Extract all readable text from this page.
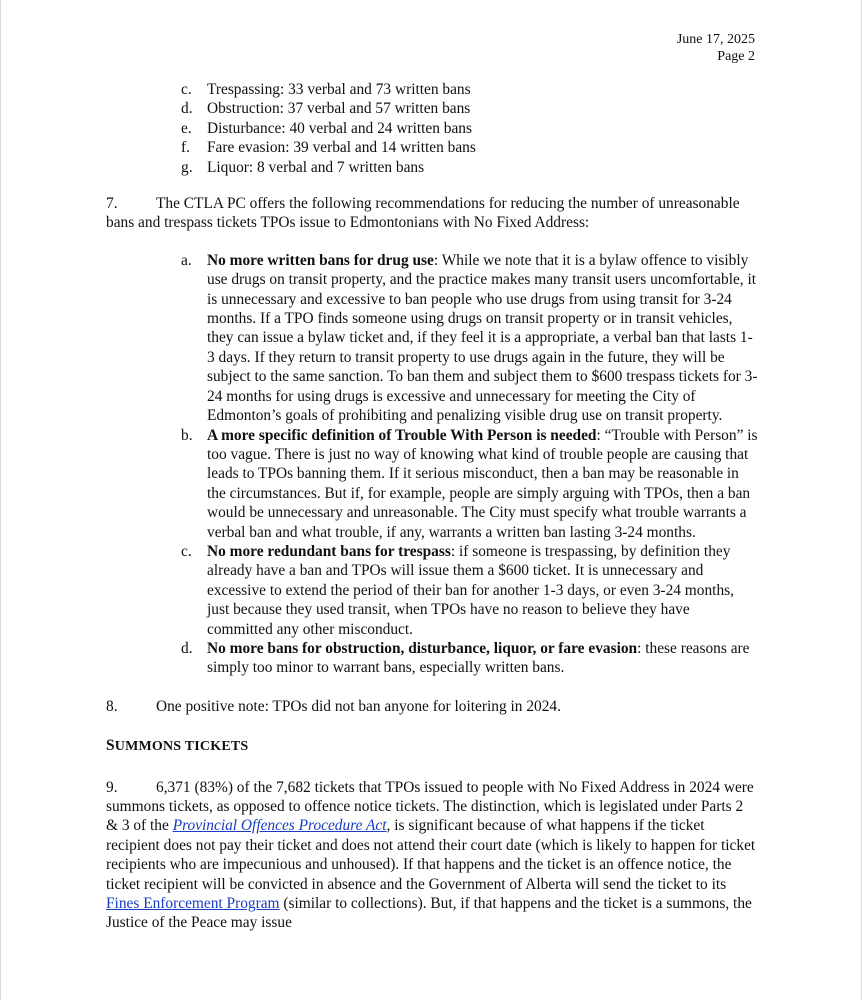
June 17, 2025
Page 2
c. Trespassing: 33 verbal and 73 written bans
d. Obstruction: 37 verbal and 57 written bans
e. Disturbance: 40 verbal and 24 written bans
f.	Fare evasion: 39 verbal and 14 written bans
g. Liquor: 8 verbal and 7 written bans
7. The CTLA PC offers the following recommendations for reducing the number of unreasonable bans and trespass tickets TPOs issue to Edmontonians with No Fixed Address:
a. No more written bans for drug use: While we note that it is a bylaw offence to visibly use drugs on transit property, and the practice makes many transit users uncomfortable, it is unnecessary and excessive to ban people who use drugs from using transit for 3-24 months. If a TPO finds someone using drugs on transit property or in transit vehicles, they can issue a bylaw ticket and, if they feel it is a appropriate, a verbal ban that lasts 1-3 days. If they return to transit property to use drugs again in the future, they will be subject to the same sanction. To ban them and subject them to $600 trespass tickets for 3-24 months for using drugs is excessive and unnecessary for meeting the City of Edmonton’s goals of prohibiting and penalizing visible drug use on transit property.
b. A more specific definition of Trouble With Person is needed: “Trouble with Person” is too vague. There is just no way of knowing what kind of trouble people are causing that leads to TPOs banning them. If it serious misconduct, then a ban may be reasonable in the circumstances. But if, for example, people are simply arguing with TPOs, then a ban would be unnecessary and unreasonable. The City must specify what trouble warrants a verbal ban and what trouble, if any, warrants a written ban lasting 3-24 months.
c. No more redundant bans for trespass: if someone is trespassing, by definition they already have a ban and TPOs will issue them a $600 ticket. It is unnecessary and excessive to extend the period of their ban for another 1-3 days, or even 3-24 months, just because they used transit, when TPOs have no reason to believe they have committed any other misconduct.
d. No more bans for obstruction, disturbance, liquor, or fare evasion: these reasons are simply too minor to warrant bans, especially written bans.
8. One positive note: TPOs did not ban anyone for loitering in 2024.
SUMMONS TICKETS
9. 6,371 (83%) of the 7,682 tickets that TPOs issued to people with No Fixed Address in 2024 were summons tickets, as opposed to offence notice tickets. The distinction, which is legislated under Parts 2 & 3 of the Provincial Offences Procedure Act, is significant because of what happens if the ticket recipient does not pay their ticket and does not attend their court date (which is likely to happen for ticket recipients who are impecunious and unhoused). If that happens and the ticket is an offence notice, the ticket recipient will be convicted in absence and the Government of Alberta will send the ticket to its Fines Enforcement Program (similar to collections). But, if that happens and the ticket is a summons, the Justice of the Peace may issue
